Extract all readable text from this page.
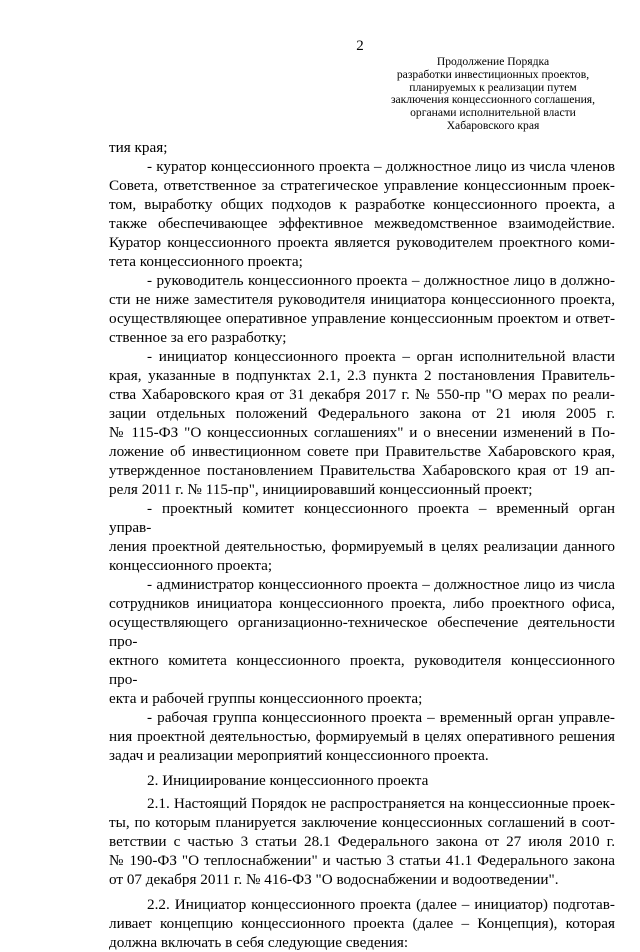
2
Продолжение Порядка
разработки инвестиционных проектов,
планируемых к реализации путем
заключения концессионного соглашения,
органами исполнительной власти
Хабаровского края

тия края;

- куратор концессионного проекта – должностное лицо из числа членов
Совета, ответственное за стратегическое управление концессионным проек-
том, выработку общих подходов к разработке концессионного проекта, а
также обеспечивающее эффективное межведомственное взаимодействие.
Куратор концессионного проекта является руководителем проектного коми-

тета концессионного проекта;

- руководитель концессионного проекта – должностное лицо в должно-
сти не ниже заместителя руководителя инициатора концессионного проекта,
осуществляющее оперативное управление концессионным проектом и ответ-

ственное за его разработку;

- инициатор концессионного проекта – орган исполнительной власти
края, указанные в подпунктах 2.1, 2.3 пункта 2 постановления Правитель-
ства Хабаровского края от 31 декабря 2017 г. № 550-пр "О мерах по реали-
зации отдельных положений Федерального закона от 21 июля 2005 г.
№ 115-ФЗ "О концессионных соглашениях" и о внесении изменений в По-
ложение об инвестиционном совете при Правительстве Хабаровского края,
утвержденное постановлением Правительства Хабаровского края от 19 ап-

реля 2011 г. № 115-пр", инициировавший концессионный проект;

- проектный комитет концессионного проекта – временный орган управ-
ления проектной деятельностью, формируемый в целях реализации данного

концессионного проекта;

- администратор концессионного проекта – должностное лицо из числа
сотрудников инициатора концессионного проекта, либо проектного офиса,
осуществляющего организационно-техническое обеспечение деятельности про-
ектного комитета концессионного проекта, руководителя концессионного про-

екта и рабочей группы концессионного проекта;

- рабочая группа концессионного проекта – временный орган управле-
ния проектной деятельностью, формируемый в целях оперативного решения

задач и реализации мероприятий концессионного проекта.

2. Инициирование концессионного проекта

2.1. Настоящий Порядок не распространяется на концессионные проек-
ты, по которым планируется заключение концессионных соглашений в соот-
ветствии с частью 3 статьи 28.1 Федерального закона от 27 июля 2010 г.
№ 190-ФЗ "О теплоснабжении" и частью 3 статьи 41.1 Федерального закона

от 07 декабря 2011 г. № 416-ФЗ "О водоснабжении и водоотведении".

2.2. Инициатор концессионного проекта (далее – инициатор) подготав-
ливает концепцию концессионного проекта (далее – Концепция), которая

должна включать в себя следующие сведения:
